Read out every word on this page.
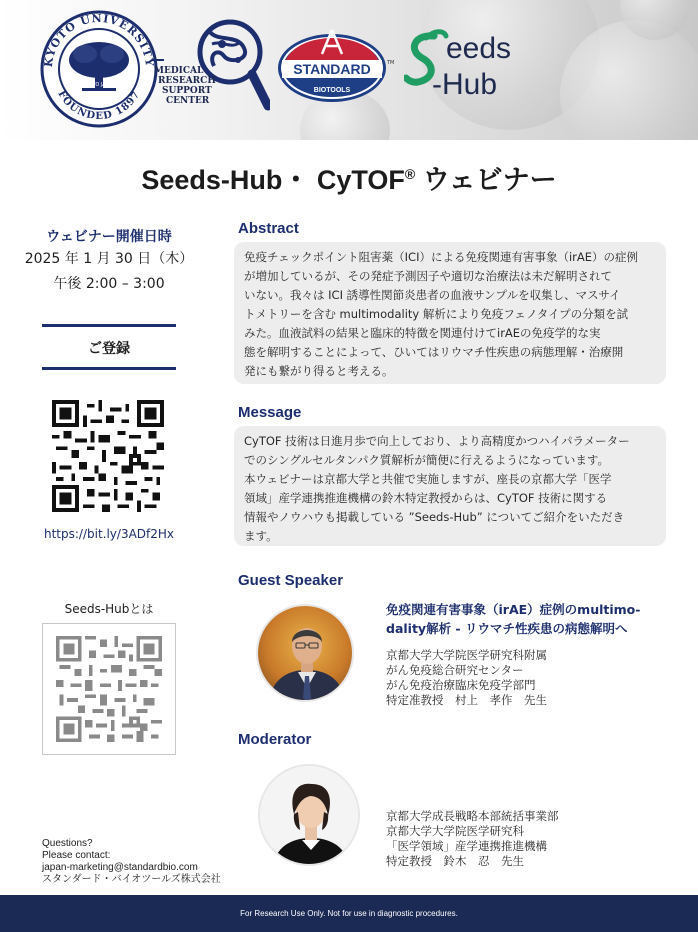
KYOTO UNIVERSITY
FOUNDED 1897
KYOTO JAPAN
MEDICAL
RESEARCH
SUPPORT
CENTER
STANDARD
BIOTOOLS
TM eeds
-Hub
Seeds-Hub・ CyTOF® ウェビナー
ウェビナー開催日時
2025 年 1 月 30 日（木）
午後 2:00 – 3:00
ご登録
https://bit.ly/3ADf2Hx
Seeds-Hubとは
Questions?
Please contact:
japan-marketing@standardbio.com
スタンダード・バイオツールズ株式会社
Abstract

免疫チェックポイント阻害薬（ICI）による免疫関連有害事象（irAE）の症例
が増加しているが、その発症予測因子や適切な治療法は未だ解明されて
いない。我々は ICI 誘導性関節炎患者の血液サンプルを収集し、マスサイ
トメトリーを含む multimodality 解析により免疫フェノタイプの分類を試
みた。血液試料の結果と臨床的特徴を関連付けてirAEの免疫学的な実
態を解明することによって、ひいてはリウマチ性疾患の病態理解・治療開
発にも繋がり得ると考える。

Message

CyTOF 技術は日進月歩で向上しており、より高精度かつハイパラメーター
でのシングルセルタンパク質解析が簡便に行えるようになっています。
本ウェビナーは京都大学と共催で実施しますが、座長の京都大学「医学
領域」産学連携推進機構の鈴木特定教授からは、CyTOF 技術に関する
情報やノウハウも掲載している ”Seeds-Hub” についてご紹介をいただき
ます。

Guest Speaker
免疫関連有害事象（irAE）症例のmultimo-
dality解析 - リウマチ性疾患の病態解明へ
京都大学大学院医学研究科附属
がん免疫総合研究センター
がん免疫治療臨床免疫学部門
特定准教授　村上　孝作　先生
Moderator
京都大学成長戦略本部統括事業部
京都大学大学院医学研究科
「医学領域」産学連携推進機構
特定教授　鈴木　忍　先生
For Research Use Only. Not for use in diagnostic procedures.
